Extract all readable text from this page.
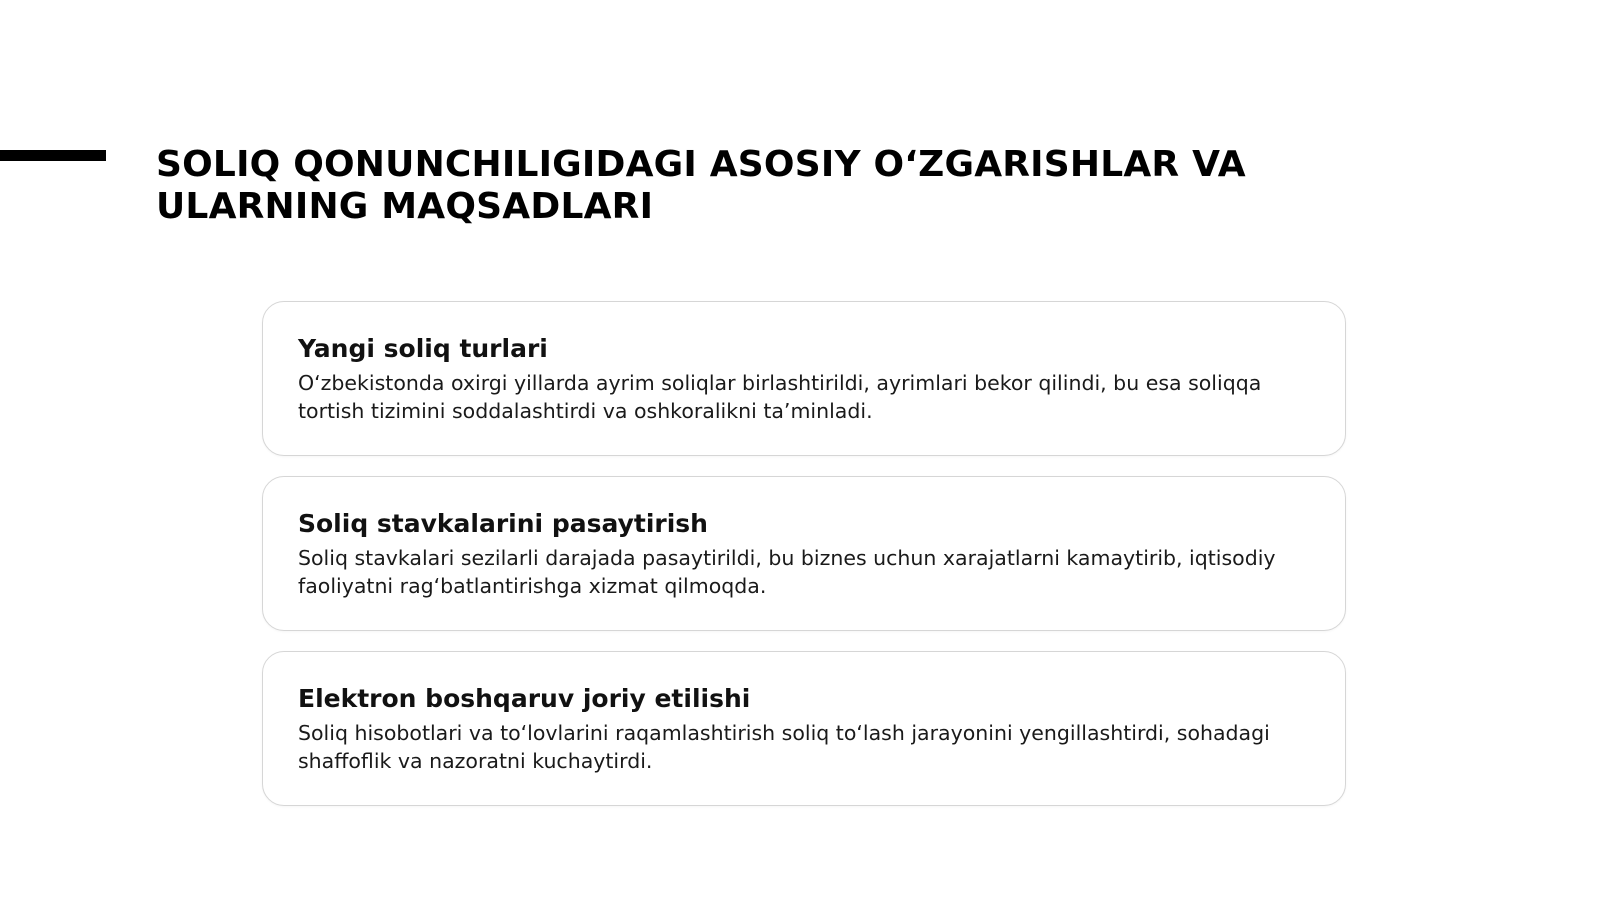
SOLIQ QONUNCHILIGIDAGI ASOSIY O‘ZGARISHLAR VA ULARNING MAQSADLARI
Yangi soliq turlari

O‘zbekistonda oxirgi yillarda ayrim soliqlar birlashtirildi, ayrimlari bekor qilindi, bu esa soliqqa tortish tizimini soddalashtirdi va oshkoralikni ta’minladi.

Soliq stavkalarini pasaytirish

Soliq stavkalari sezilarli darajada pasaytirildi, bu biznes uchun xarajatlarni kamaytirib, iqtisodiy faoliyatni rag‘batlantirishga xizmat qilmoqda.

Elektron boshqaruv joriy etilishi

Soliq hisobotlari va to‘lovlarini raqamlashtirish soliq to‘lash jarayonini yengillashtirdi, sohadagi shaffoflik va nazoratni kuchaytirdi.
